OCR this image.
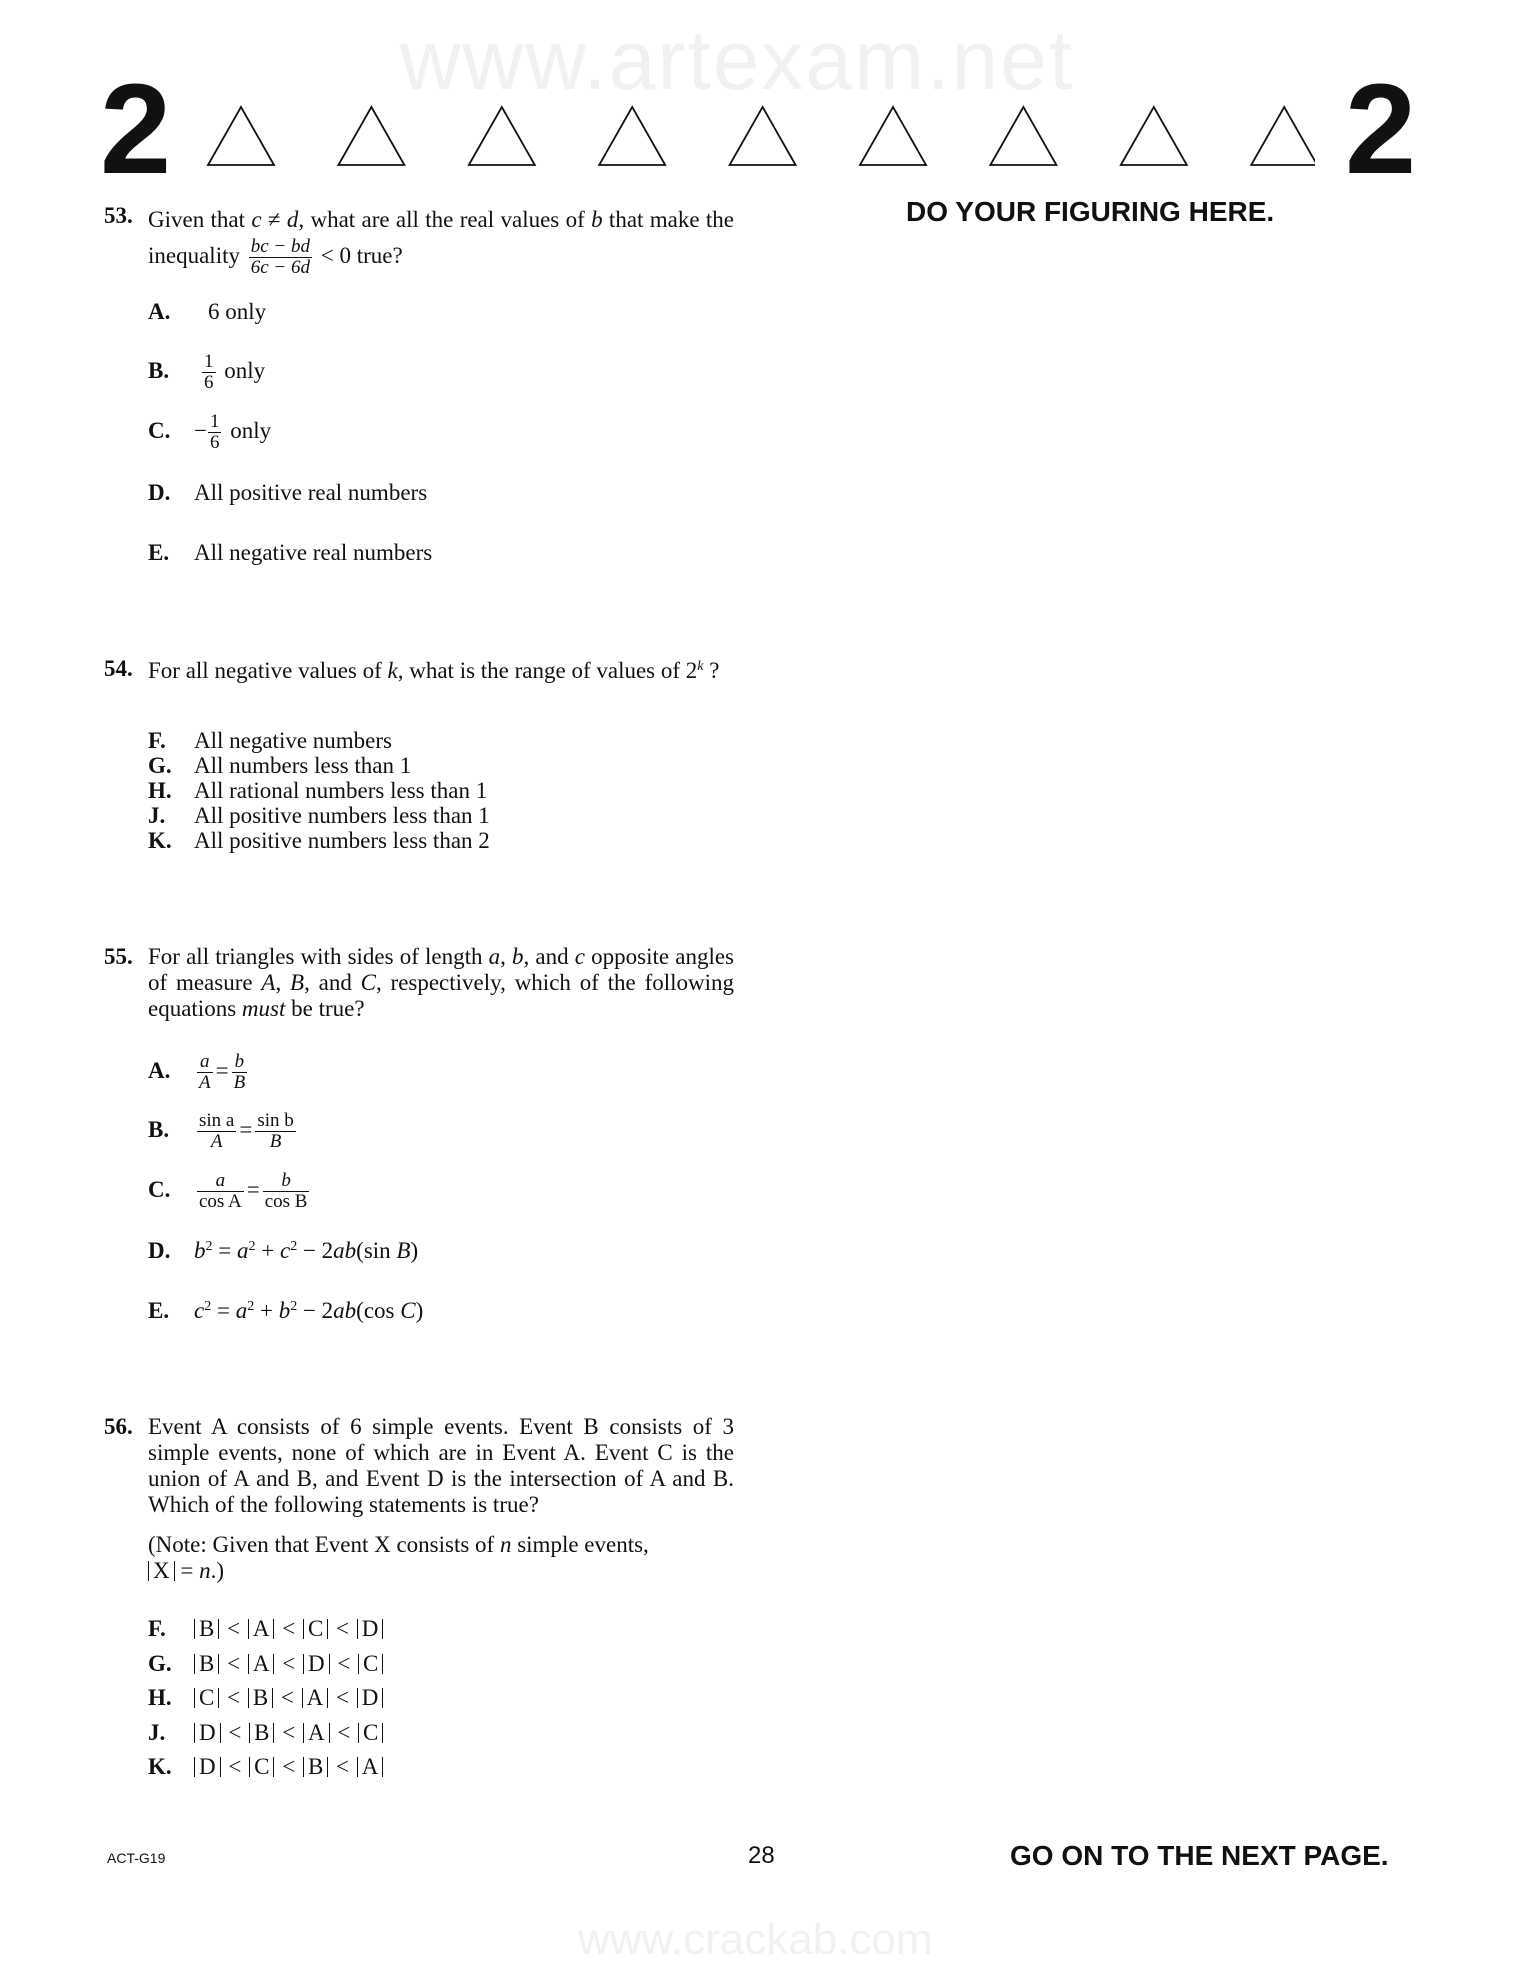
www.artexam.net
www.crackab.com
2	2
DO YOUR FIGURING HERE.
53. Given that c ≠ d, what are all the real values of b that make the inequality $\frac{bc - bd}{6c - 6d} < 0$ true?
A. 6 only
B. $\frac{1}{6}$ only
C. − $\frac{1}{6}$ only
D. All positive real numbers
E. All negative real numbers
54. For all negative values of k, what is the range of values of 2$^k$ ?
F. All negative numbers
G. All numbers less than 1
H. All rational numbers less than 1
J. All positive numbers less than 1
K. All positive numbers less than 2
55. For all triangles with sides of length a, b, and c opposite angles of measure A, B, and C, respectively, which of the following equations must be true?
A. $\frac{a}{A} = \frac{b}{B}$
B. $\frac{\text{sin a}}{A} = \frac{\text{sin b}}{B}$
C. $\frac{a}{\text{cos A}} = \frac{b}{\text{cos B}}$
D. $b^2 = a^2 + c^2 - 2ab(\sin$ B)
E. $c^2 = a^2 + b^2 - 2ab(\cos$ C)
56. Event A consists of 6 simple events. Event B consists of 3 simple events, none of which are in Event A. Event C is the union of A and B, and Event D is the intersection of A and B. Which of the following statements is true?
(Note: Given that Event X consists of n simple events,
X = n.)
F. B < A < C < D
G. B < A < D < C
H. C < B < A < D
J. D < B < A < C
K. D < C < B < A
ACT-G19	28	GO ON TO THE NEXT PAGE.
